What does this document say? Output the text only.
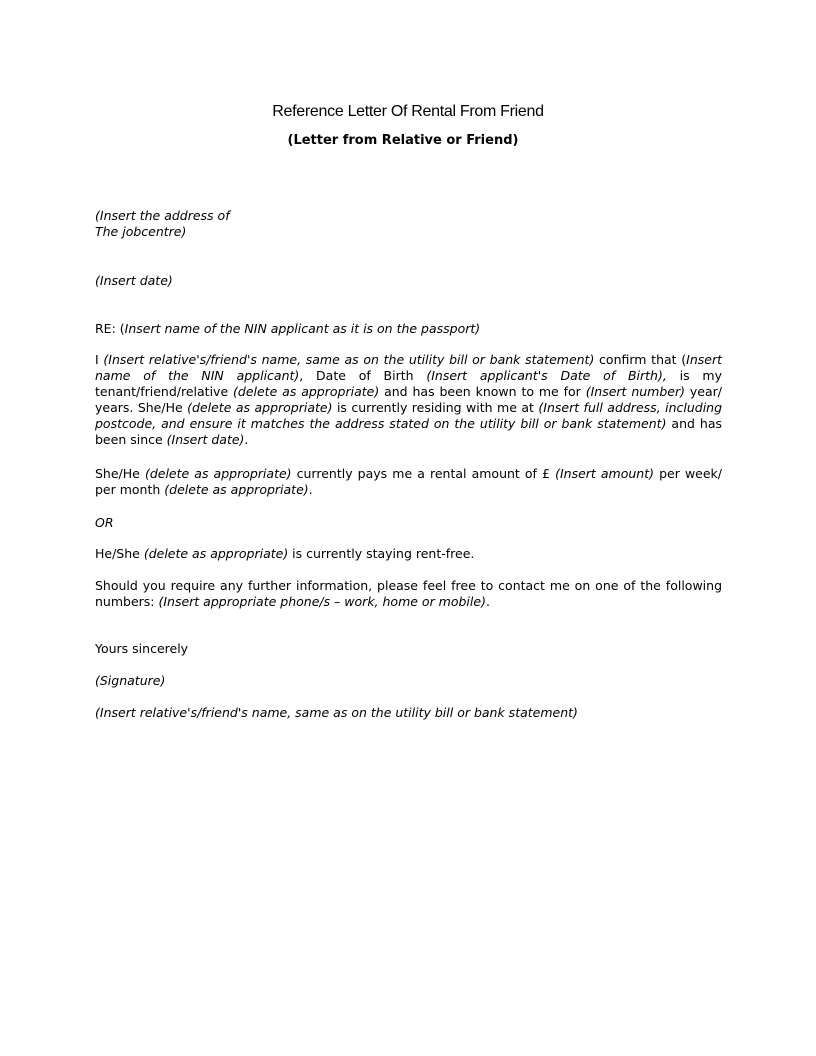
Reference Letter Of Rental From Friend
(Letter from Relative or Friend)
(Insert the address of
The jobcentre)
(Insert date)
RE: (Insert name of the NIN applicant as it is on the passport)
I (Insert relative's/friend's name, same as on the utility bill or bank statement) confirm that (Insert name of the NIN applicant), Date of Birth (Insert applicant's Date of Birth), is my tenant/friend/relative (delete as appropriate) and has been known to me for (Insert number) year/ years. She/He (delete as appropriate) is currently residing with me at (Insert full address, including postcode, and ensure it matches the address stated on the utility bill or bank statement) and has been since (Insert date).
She/He (delete as appropriate) currently pays me a rental amount of £ (Insert amount) per week/ per month (delete as appropriate).
OR
He/She (delete as appropriate) is currently staying rent-free.
Should you require any further information, please feel free to contact me on one of the following numbers: (Insert appropriate phone/s – work, home or mobile).
Yours sincerely
(Signature)
(Insert relative's/friend's name, same as on the utility bill or bank statement)
